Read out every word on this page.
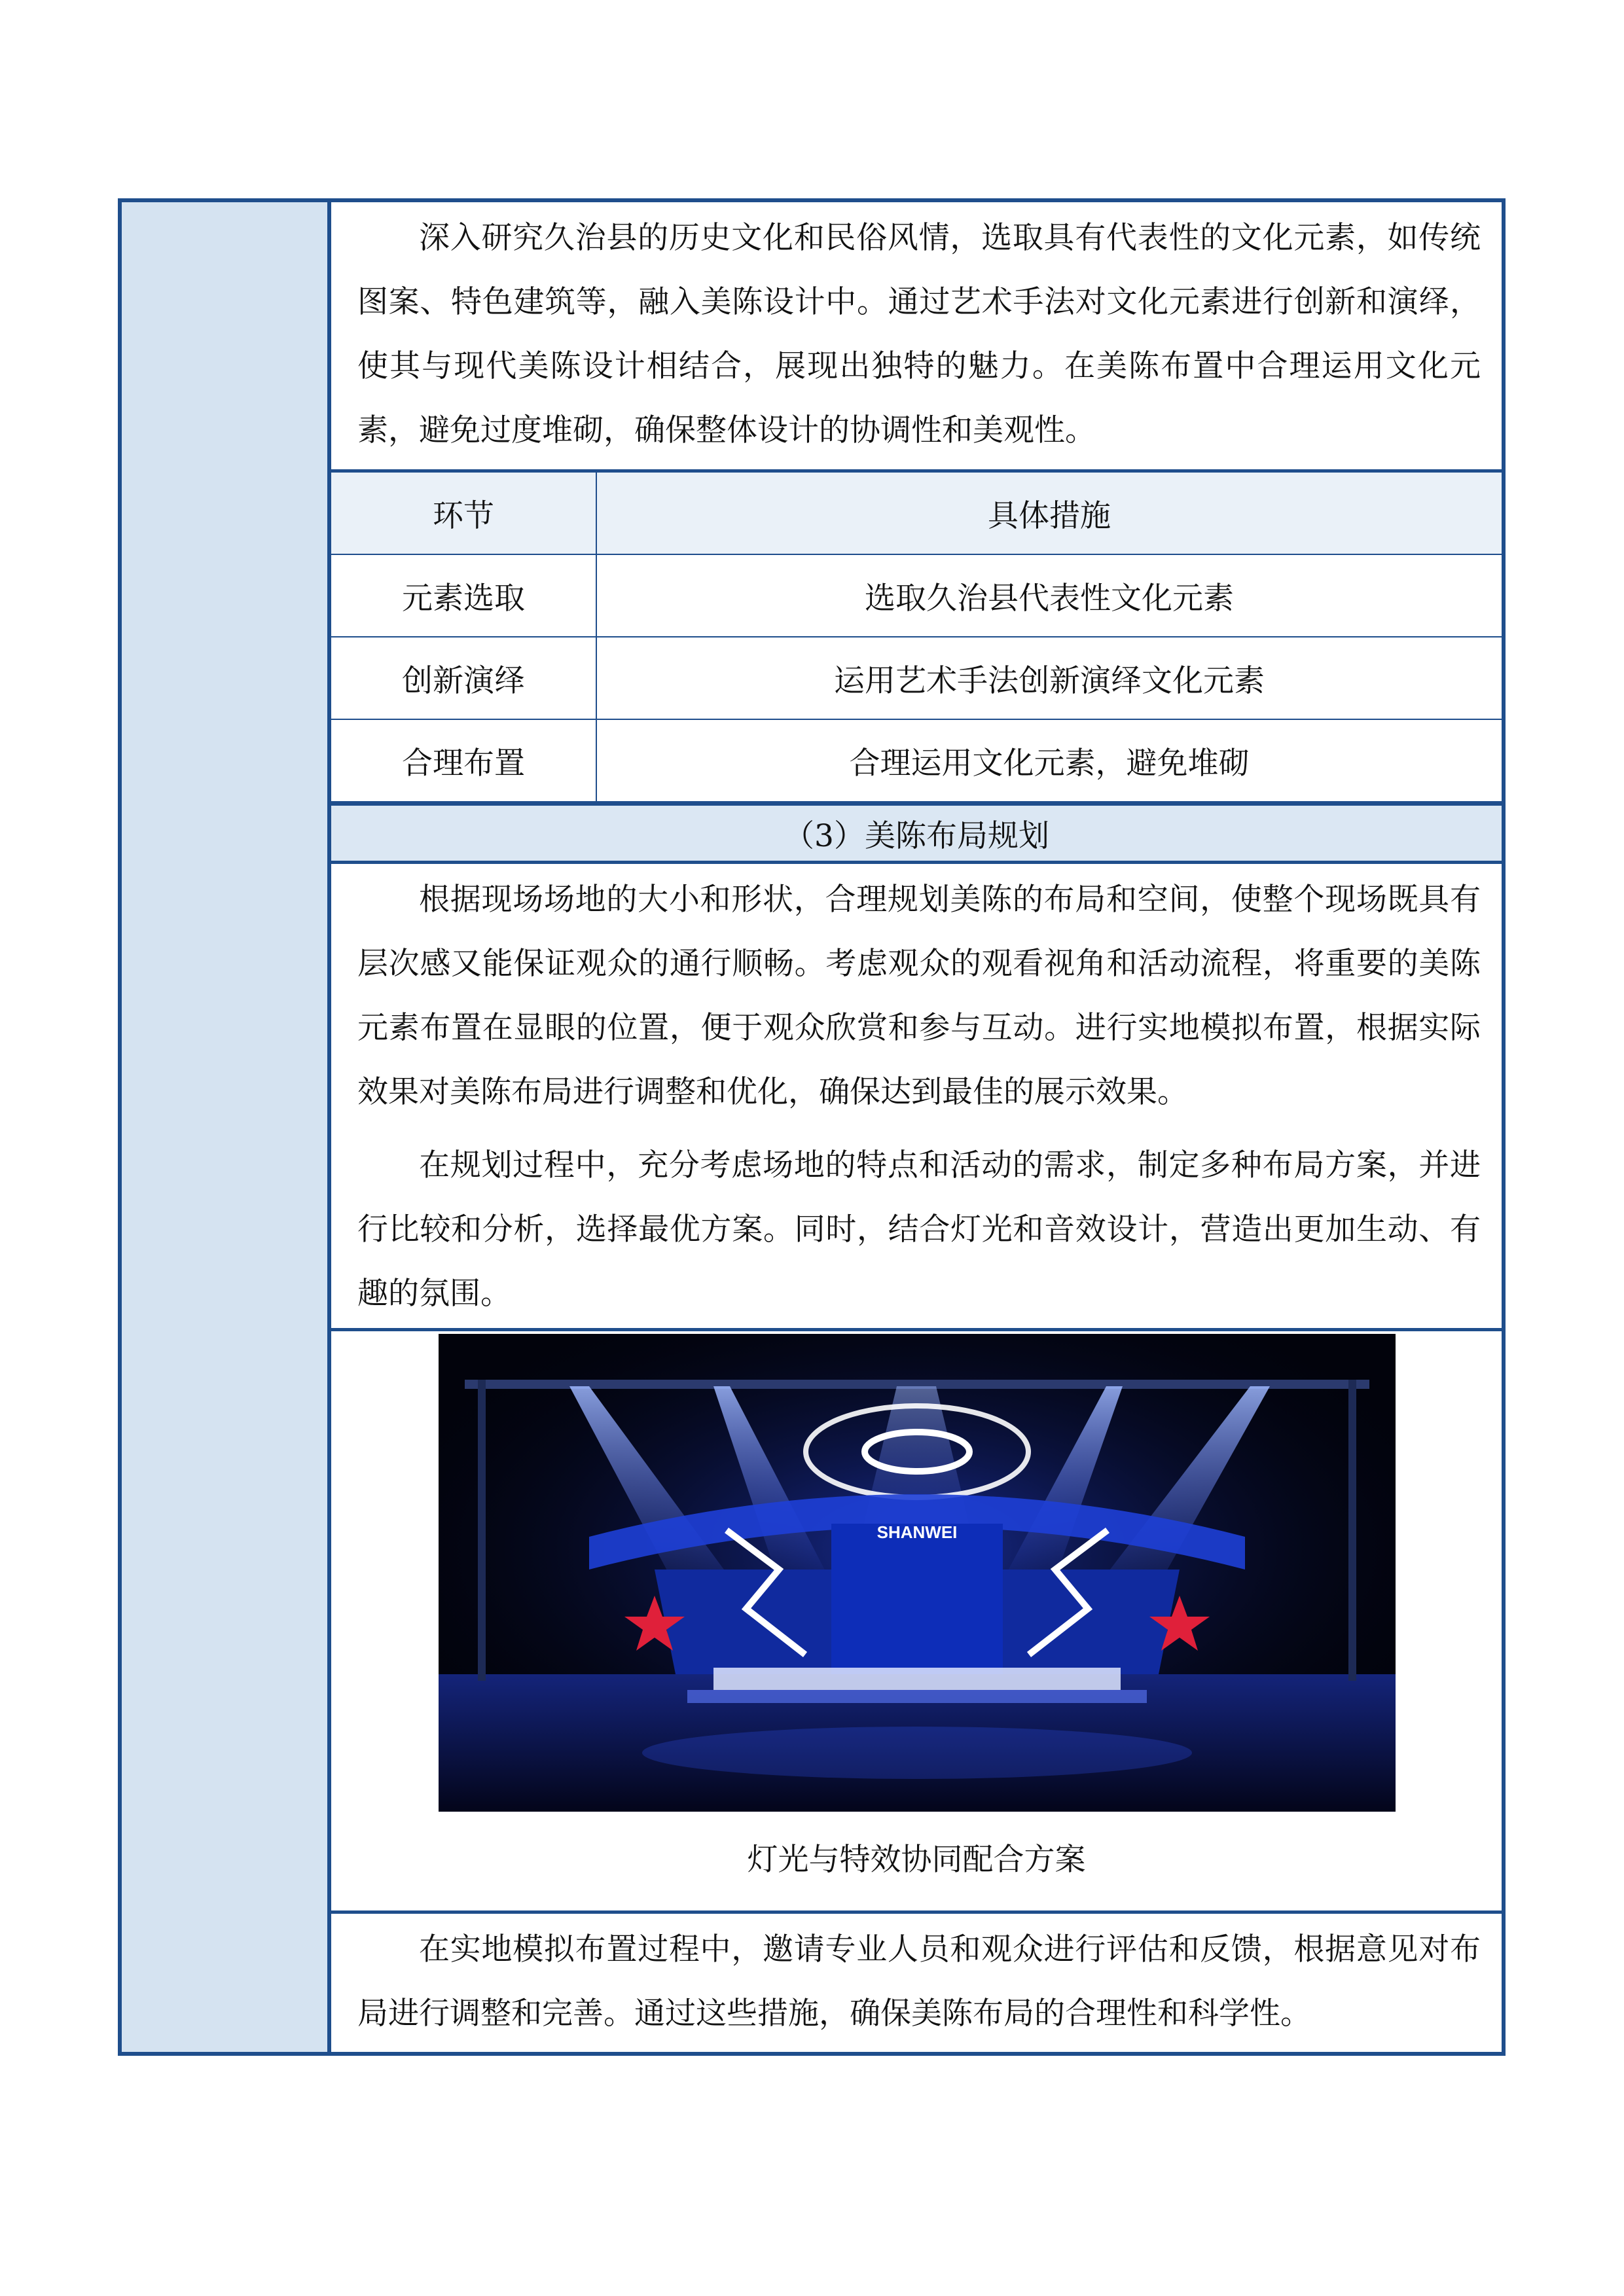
深入研究久治县的历史文化和民俗风情，选取具有代表性的文化元素，如传统图案、特色建筑等，融入美陈设计中。通过艺术手法对文化元素进行创新和演绎，使其与现代美陈设计相结合，展现出独特的魅力。在美陈布置中合理运用文化元素，避免过度堆砌，确保整体设计的协调性和美观性。

环节	具体措施
元素选取	选取久治县代表性文化元素
创新演绎	运用艺术手法创新演绎文化元素
合理布置	合理运用文化元素，避免堆砌
（3）美陈布局规划

根据现场场地的大小和形状，合理规划美陈的布局和空间，使整个现场既具有层次感又能保证观众的通行顺畅。考虑观众的观看视角和活动流程，将重要的美陈元素布置在显眼的位置，便于观众欣赏和参与互动。进行实地模拟布置，根据实际效果对美陈布局进行调整和优化，确保达到最佳的展示效果。

在规划过程中，充分考虑场地的特点和活动的需求，制定多种布局方案，并进行比较和分析，选择最优方案。同时，结合灯光和音效设计，营造出更加生动、有趣的氛围。

SHANWEI
灯光与特效协同配合方案

在实地模拟布置过程中，邀请专业人员和观众进行评估和反馈，根据意见对布局进行调整和完善。通过这些措施，确保美陈布局的合理性和科学性。
